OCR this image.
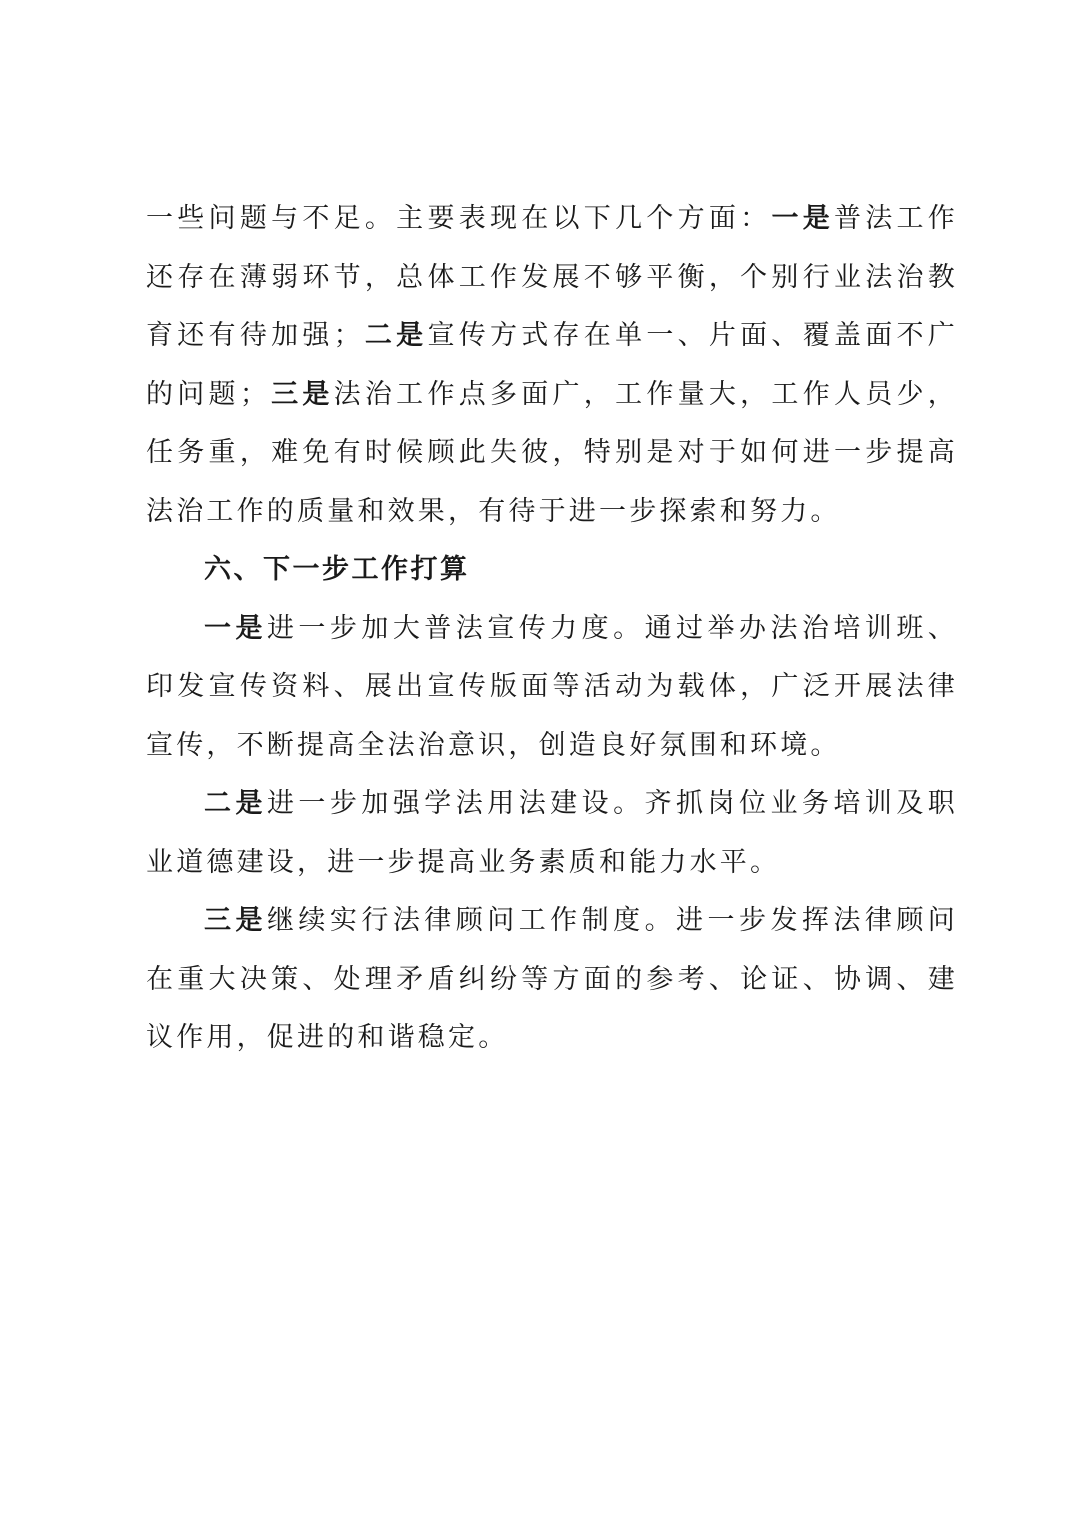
一些问题与不足。主要表现在以下几个方面：一是普法工作还存在薄弱环节，总体工作发展不够平衡，个别行业法治教育还有待加强；二是宣传方式存在单一、片面、覆盖面不广的问题；三是法治工作点多面广，工作量大，工作人员少，任务重，难免有时候顾此失彼，特别是对于如何进一步提高法治工作的质量和效果，有待于进一步探索和努力。

六、下一步工作打算

一是进一步加大普法宣传力度。通过举办法治培训班、印发宣传资料、展出宣传版面等活动为载体，广泛开展法律宣传，不断提高全法治意识，创造良好氛围和环境。

二是进一步加强学法用法建设。齐抓岗位业务培训及职业道德建设，进一步提高业务素质和能力水平。

三是继续实行法律顾问工作制度。进一步发挥法律顾问在重大决策、处理矛盾纠纷等方面的参考、论证、协调、建议作用，促进的和谐稳定。
